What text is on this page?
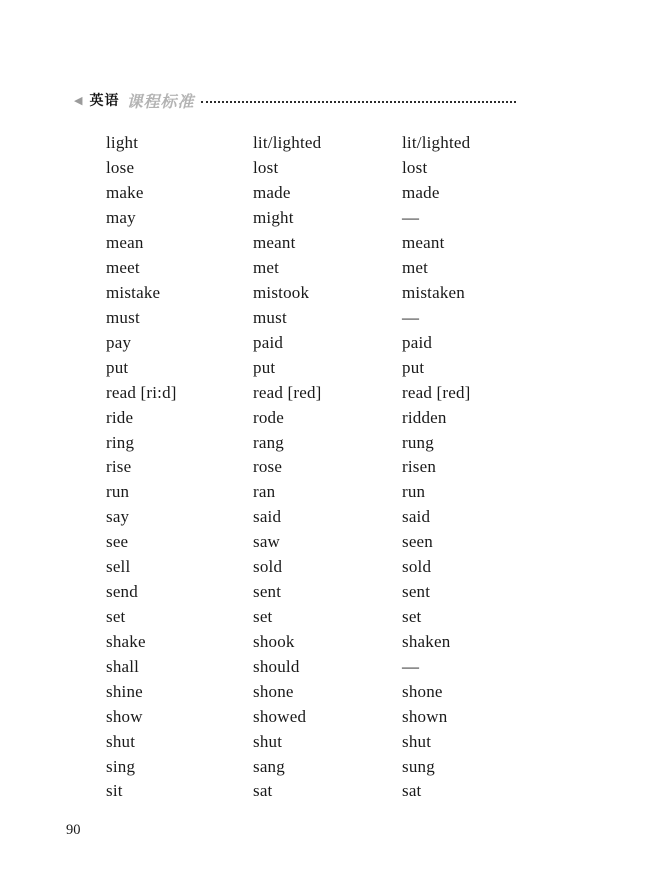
◀ 英语 课程标准
light	lit/lighted	lit/lighted
lose	lost	lost
make	made	made
may	might	—
mean	meant	meant
meet	met	met
mistake	mistook	mistaken
must	must	—
pay	paid	paid
put	put	put
read [ri:d]	read [red]	read [red]
ride	rode	ridden
ring	rang	rung
rise	rose	risen
run	ran	run
say	said	said
see	saw	seen
sell	sold	sold
send	sent	sent
set	set	set
shake	shook	shaken
shall	should	—
shine	shone	shone
show	showed	shown
shut	shut	shut
sing	sang	sung
sit	sat	sat
90
